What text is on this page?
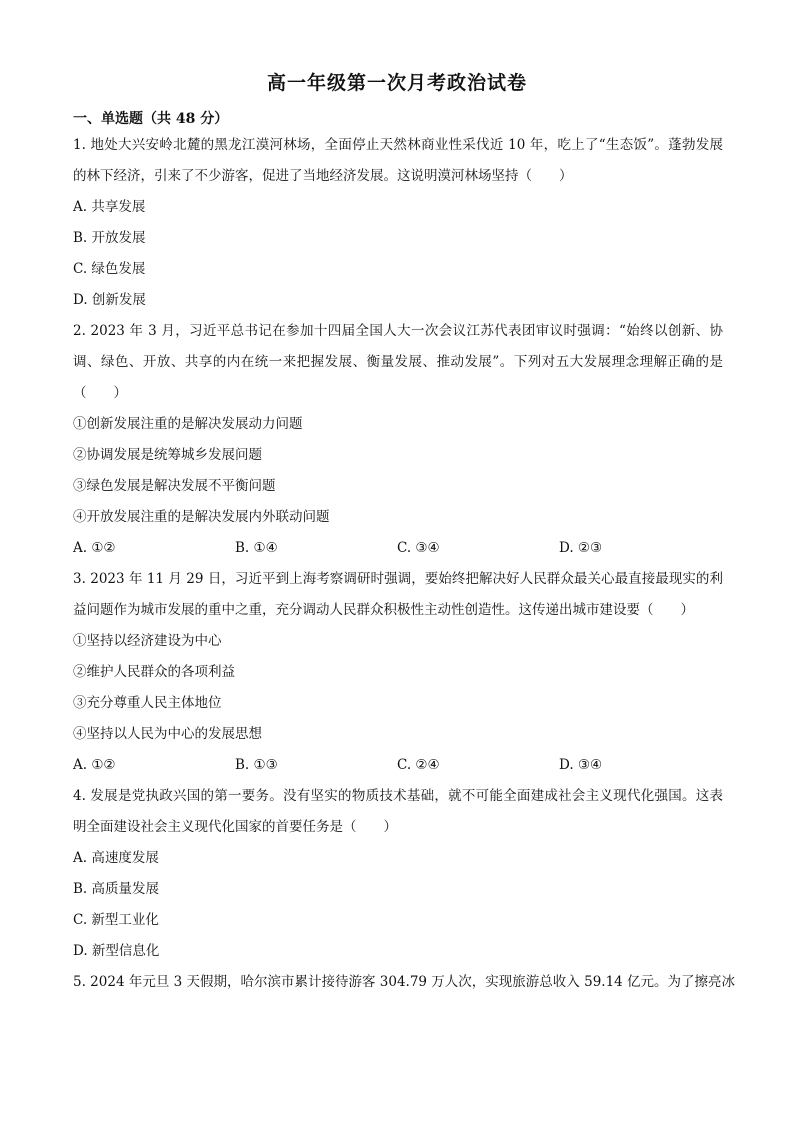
高一年级第一次月考政治试卷
一、单选题（共 48 分）

1. 地处大兴安岭北麓的黑龙江漠河林场，全面停止天然林商业性采伐近 10 年，吃上了“生态饭”。蓬勃发展的林下经济，引来了不少游客，促进了当地经济发展。这说明漠河林场坚持（　　）

A. 共享发展

B. 开放发展

C. 绿色发展

D. 创新发展

2. 2023 年 3 月，习近平总书记在参加十四届全国人大一次会议江苏代表团审议时强调：“始终以创新、协调、绿色、开放、共享的内在统一来把握发展、衡量发展、推动发展”。下列对五大发展理念理解正确的是（　　）

①创新发展注重的是解决发展动力问题

②协调发展是统筹城乡发展问题

③绿色发展是解决发展不平衡问题

④开放发展注重的是解决发展内外联动问题

A. ①②	B. ①④	C. ③④	D. ②③

3. 2023 年 11 月 29 日，习近平到上海考察调研时强调，要始终把解决好人民群众最关心最直接最现实的利益问题作为城市发展的重中之重，充分调动人民群众积极性主动性创造性。这传递出城市建设要（　　）

①坚持以经济建设为中心

②维护人民群众的各项利益

③充分尊重人民主体地位

④坚持以人民为中心的发展思想

A. ①②	B. ①③	C. ②④	D. ③④

4. 发展是党执政兴国的第一要务。没有坚实的物质技术基础，就不可能全面建成社会主义现代化强国。这表明全面建设社会主义现代化国家的首要任务是（　　）

A. 高速度发展

B. 高质量发展

C. 新型工业化

D. 新型信息化

5. 2024 年元旦 3 天假期，哈尔滨市累计接待游客 304.79 万人次，实现旅游总收入 59.14 亿元。为了擦亮冰
